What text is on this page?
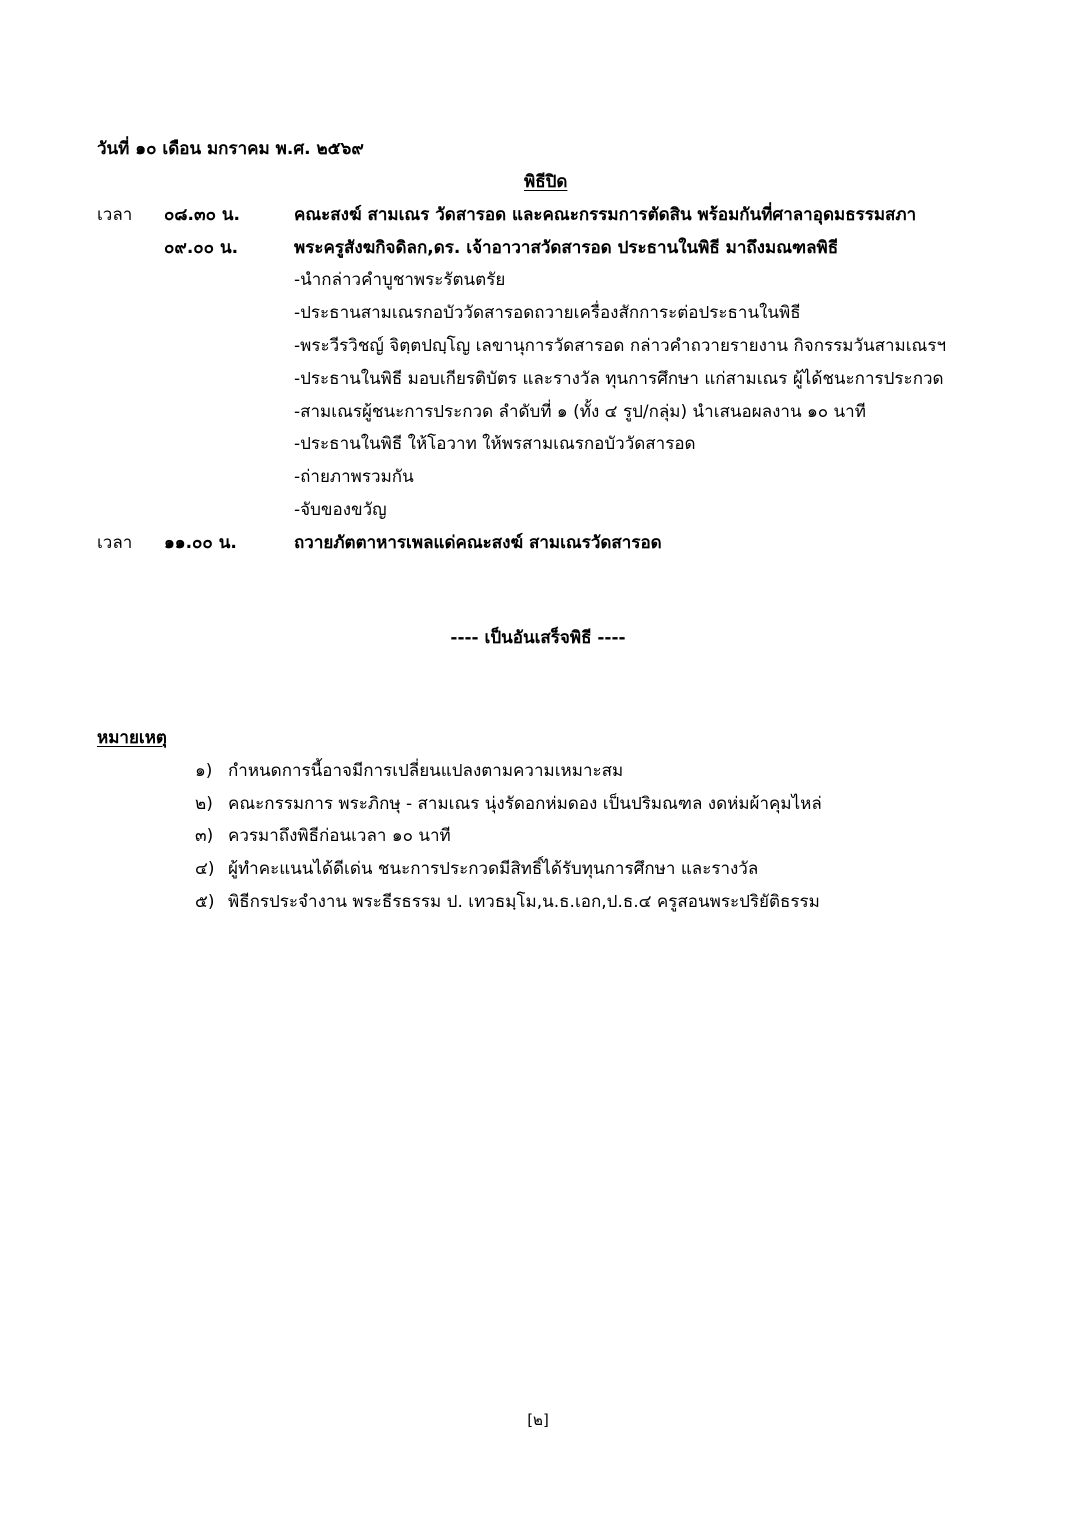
วันที่ ๑๐ เดือน มกราคม พ.ศ. ๒๕๖๙
พิธีปิด
เวลา ๐๘.๓๐ น.	คณะสงฆ์ สามเณร วัดสารอด และคณะกรรมการตัดสิน พร้อมกันที่ศาลาอุดมธรรมสภา
๐๙.๐๐ น.	พระครูสังฆกิจดิลก,ดร. เจ้าอาวาสวัดสารอด ประธานในพิธี มาถึงมณฑลพิธี
-นำกล่าวคำบูชาพระรัตนตรัย
-ประธานสามเณรกอบัววัดสารอดถวายเครื่องสักการะต่อประธานในพิธี
-พระวีรวิชญ์ จิตฺตปญฺโญ เลขานุการวัดสารอด กล่าวคำถวายรายงาน กิจกรรมวันสามเณรฯ
-ประธานในพิธี มอบเกียรติบัตร และรางวัล ทุนการศึกษา แก่สามเณร ผู้ได้ชนะการประกวด
-สามเณรผู้ชนะการประกวด ลำดับที่ ๑ (ทั้ง ๔ รูป/กลุ่ม) นำเสนอผลงาน ๑๐ นาที
-ประธานในพิธี ให้โอวาท ให้พรสามเณรกอบัววัดสารอด
-ถ่ายภาพรวมกัน
-จับของขวัญ
เวลา ๑๑.๐๐ น.	ถวายภัตตาหารเพลแด่คณะสงฆ์ สามเณรวัดสารอด
---- เป็นอันเสร็จพิธี ----
หมายเหตุ
๑) กำหนดการนี้อาจมีการเปลี่ยนแปลงตามความเหมาะสม
๒) คณะกรรมการ พระภิกษุ - สามเณร นุ่งรัดอกห่มดอง เป็นปริมณฑล งดห่มผ้าคุมไหล่
๓) ควรมาถึงพิธีก่อนเวลา ๑๐ นาที
๔) ผู้ทำคะแนนได้ดีเด่น ชนะการประกวดมีสิทธิ์ได้รับทุนการศึกษา และรางวัล
๕) พิธีกรประจำงาน พระธีรธรรม ป. เทวธมฺโม,น.ธ.เอก,ป.ธ.๔ ครูสอนพระปริยัติธรรม
[๒]
